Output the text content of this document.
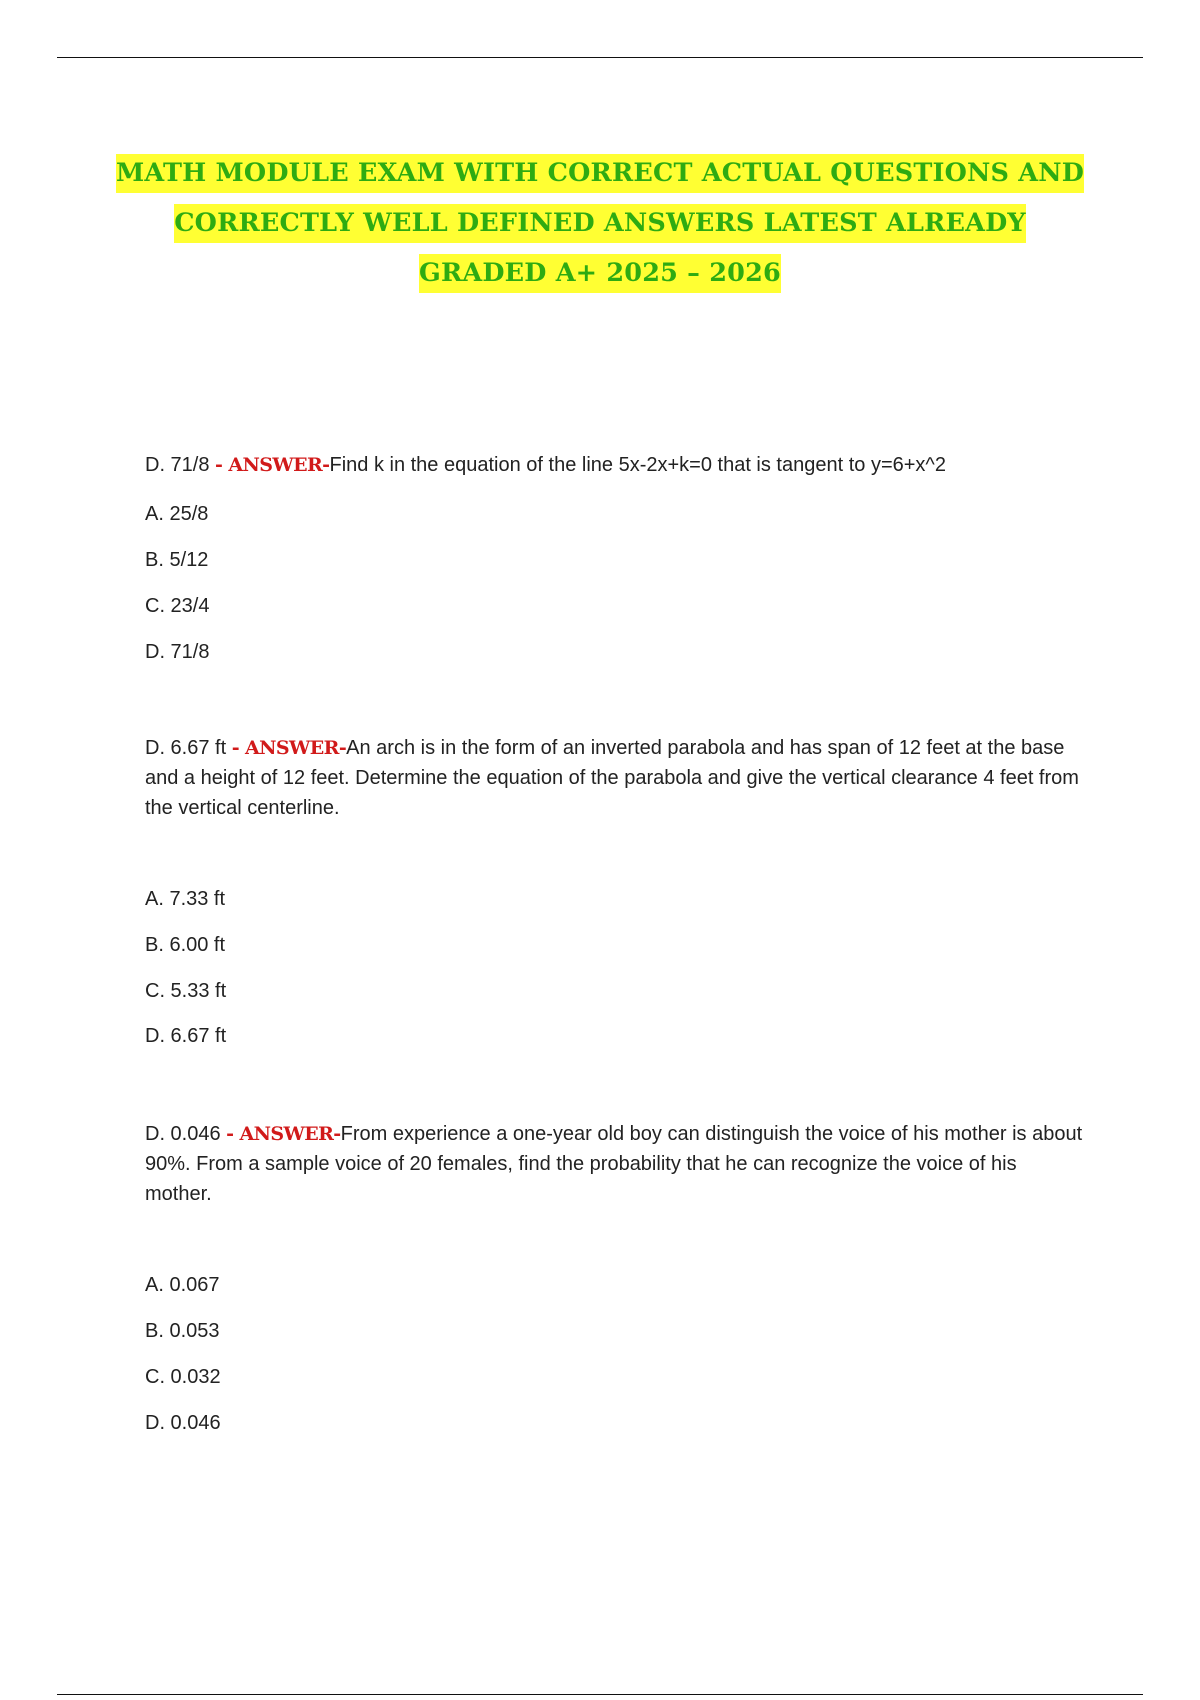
MATH MODULE EXAM WITH CORRECT ACTUAL QUESTIONS AND
CORRECTLY WELL DEFINED ANSWERS LATEST ALREADY
GRADED A+ 2025 – 2026
D. 71/8 - ANSWER-Find k in the equation of the line 5x-2x+k=0 that is tangent to y=6+x^2
A. 25/8
B. 5/12
C. 23/4
D. 71/8
D. 6.67 ft - ANSWER-An arch is in the form of an inverted parabola and has span of 12 feet at the base and a height of 12 feet. Determine the equation of the parabola and give the vertical clearance 4 feet from the vertical centerline.
A. 7.33 ft
B. 6.00 ft
C. 5.33 ft
D. 6.67 ft
D. 0.046 - ANSWER-From experience a one-year old boy can distinguish the voice of his mother is about 90%. From a sample voice of 20 females, find the probability that he can recognize the voice of his mother.
A. 0.067
B. 0.053
C. 0.032
D. 0.046
